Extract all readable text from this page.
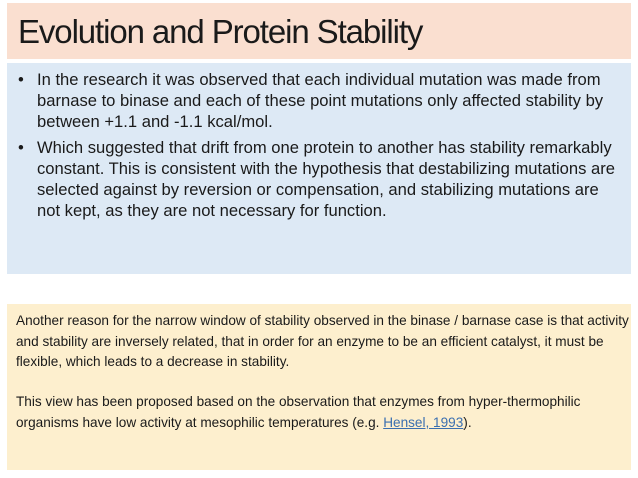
Evolution and Protein Stability
• In the research it was observed that each individual mutation was made from barnase to binase and each of these point mutations only affected stability by between +1.1 and -1.1 kcal/mol.
• Which suggested that drift from one protein to another has stability remarkably constant. This is consistent with the hypothesis that destabilizing mutations are selected against by reversion or compensation, and stabilizing mutations are not kept, as they are not necessary for function.

Another reason for the narrow window of stability observed in the binase / barnase case is that activity and stability are inversely related, that in order for an enzyme to be an efficient catalyst, it must be flexible, which leads to a decrease in stability.

This view has been proposed based on the observation that enzymes from hyper-thermophilic organisms have low activity at mesophilic temperatures (e.g. Hensel, 1993).
